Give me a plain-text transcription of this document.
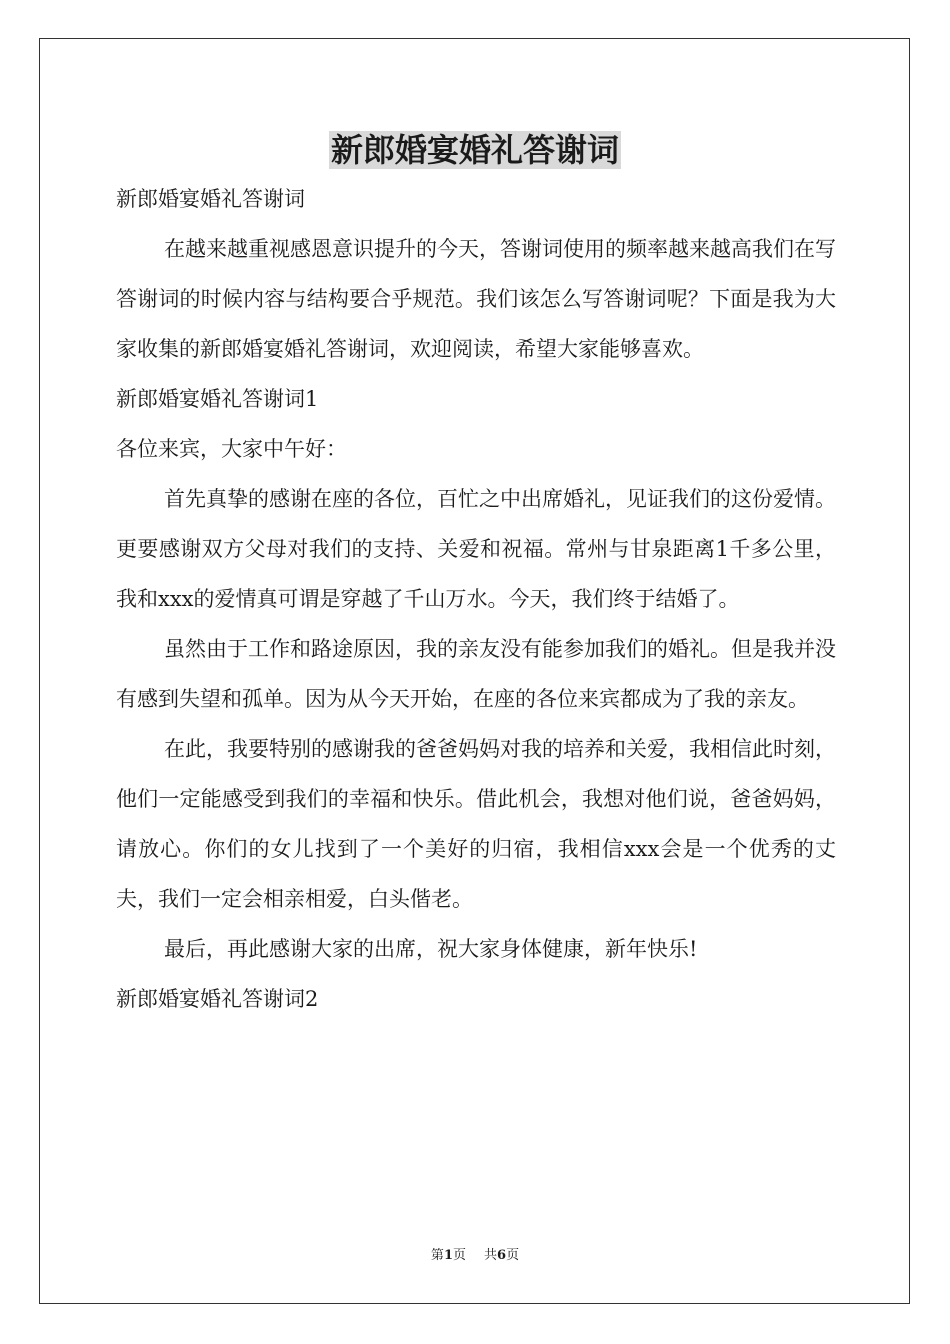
新郎婚宴婚礼答谢词

新郎婚宴婚礼答谢词

在越来越重视感恩意识提升的今天，答谢词使用的频率越来越高我们在写答谢词的时候内容与结构要合乎规范。我们该怎么写答谢词呢？下面是我为大家收集的新郎婚宴婚礼答谢词，欢迎阅读，希望大家能够喜欢。

新郎婚宴婚礼答谢词1

各位来宾，大家中午好：

首先真挚的感谢在座的各位，百忙之中出席婚礼，见证我们的这份爱情。更要感谢双方父母对我们的支持、关爱和祝福。常州与甘泉距离1千多公里，我和xxx的爱情真可谓是穿越了千山万水。今天，我们终于结婚了。

虽然由于工作和路途原因，我的亲友没有能参加我们的婚礼。但是我并没有感到失望和孤单。因为从今天开始，在座的各位来宾都成为了我的亲友。

在此，我要特别的感谢我的爸爸妈妈对我的培养和关爱，我相信此时刻，他们一定能感受到我们的幸福和快乐。借此机会，我想对他们说，爸爸妈妈，请放心。你们的女儿找到了一个美好的归宿，我相信xxx会是一个优秀的丈夫，我们一定会相亲相爱，白头偕老。

最后，再此感谢大家的出席，祝大家身体健康，新年快乐!

新郎婚宴婚礼答谢词2

第1页 共6页
